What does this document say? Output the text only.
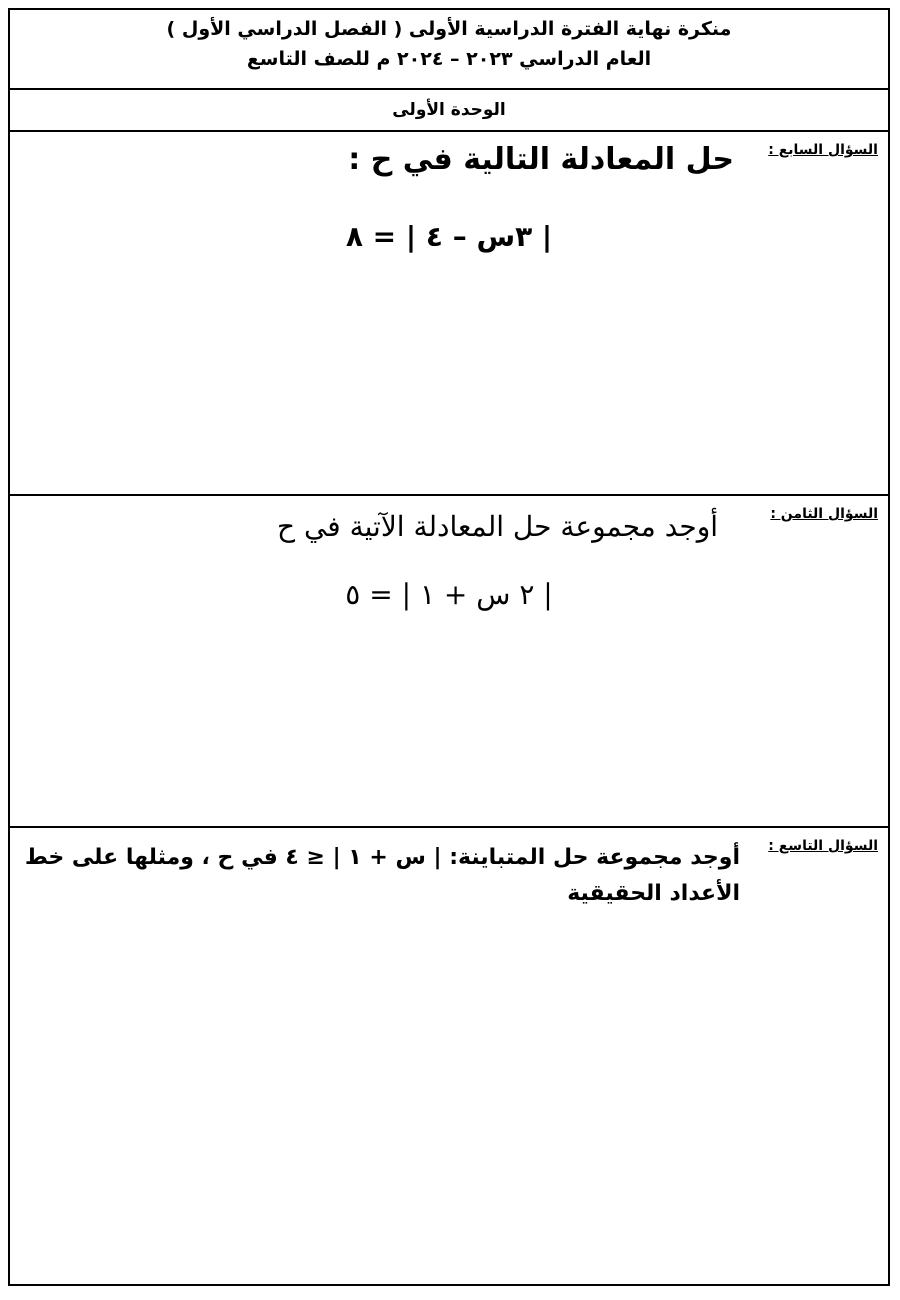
منكرة نهاية الفترة الدراسية الأولى ( الفصل الدراسي الأول )
العام الدراسي ٢٠٢٣ – ٢٠٢٤ م للصف التاسع
الوحدة الأولى
السؤال السابع :
حل المعادلة التالية في ح :
| ٣س – ٤ | = ٨
السؤال الثامن :
أوجد مجموعة حل المعادلة الآتية في ح
| ٢ س + ١ | = ٥
السؤال التاسع :
أوجد مجموعة حل المتباينة: | س + ١ | ≤ ٤ في ح ، ومثلها على خط الأعداد الحقيقية
